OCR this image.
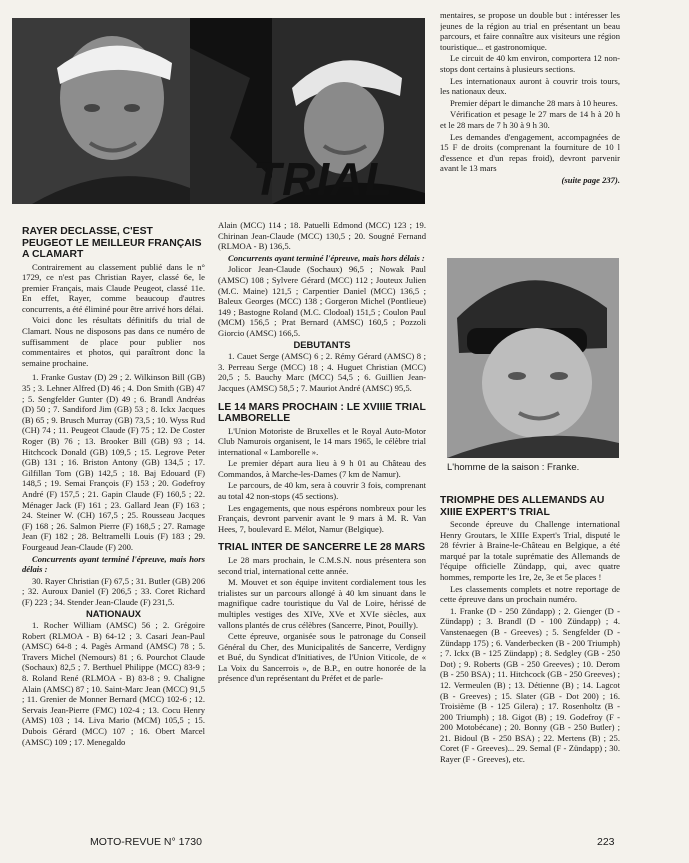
TRIAL

RAYER DECLASSE, C'EST PEUGEOT LE MEILLEUR FRANÇAIS A CLAMART

Contrairement au classement publié dans le n° 1729, ce n'est pas Christian Rayer, classé 6e, le premier Français, mais Claude Peugeot, classé 11e. En effet, Rayer, comme beaucoup d'autres concurrents, a été éliminé pour être arrivé hors délai.

Voici donc les résultats définitifs du trial de Clamart. Nous ne disposons pas dans ce numéro de suffisamment de place pour publier nos commentaires et photos, qui paraîtront donc la semaine prochaine.

1. Franke Gustav (D) 29 ; 2. Wilkinson Bill (GB) 35 ; 3. Lehner Alfred (D) 46 ; 4. Don Smith (GB) 47 ; 5. Sengfelder Gunter (D) 49 ; 6. Brandl Andréas (D) 50 ; 7. Sandiford Jim (GB) 53 ; 8. Ickx Jacques (B) 65 ; 9. Brusch Murray (GB) 73,5 ; 10. Wyss Rud (CH) 74 ; 11. Peugeot Claude (F) 75 ; 12. De Coster Roger (B) 76 ; 13. Brooker Bill (GB) 93 ; 14. Hitchcock Donald (GB) 109,5 ; 15. Legrove Peter (GB) 131 ; 16. Briston Antony (GB) 134,5 ; 17. Gilfillan Tom (GB) 142,5 ; 18. Baj Edouard (F) 148,5 ; 19. Semai François (F) 153 ; 20. Godefroy André (F) 157,5 ; 21. Gapin Claude (F) 160,5 ; 22. Ménager Jack (F) 161 ; 23. Gallard Jean (F) 163 ; 24. Steiner W. (CH) 167,5 ; 25. Rousseau Jacques (F) 168 ; 26. Salmon Pierre (F) 168,5 ; 27. Ramage Jean (F) 182 ; 28. Beltramelli Louis (F) 183 ; 29. Fourgeaud Jean-Claude (F) 200.

Concurrents ayant terminé l'épreuve, mais hors délais :

30. Rayer Christian (F) 67,5 ; 31. Butler (GB) 206 ; 32. Auroux Daniel (F) 206,5 ; 33. Coret Richard (F) 223 ; 34. Stender Jean-Claude (F) 231,5.

NATIONAUX

1. Rocher William (AMSC) 56 ; 2. Grégoire Robert (RLMOA - B) 64-12 ; 3. Casari Jean-Paul (AMSC) 64-8 ; 4. Pagès Armand (AMSC) 78 ; 5. Travers Michel (Nemours) 81 ; 6. Pourchot Claude (Sochaux) 82,5 ; 7. Berthuel Philippe (MCC) 83-9 ; 8. Roland René (RLMOA - B) 83-8 ; 9. Chaligne Alain (AMSC) 87 ; 10. Saint-Marc Jean (MCC) 91,5 ; 11. Grenier de Monner Bernard (MCC) 102-6 ; 12. Servais Jean-Pierre (FMC) 102-4 ; 13. Cocu Henry (AMS) 103 ; 14. Liva Mario (MCM) 105,5 ; 15. Dubois Gérard (MCC) 107 ; 16. Obert Marcel (AMSC) 109 ; 17. Menegaldo

Alain (MCC) 114 ; 18. Patuelli Edmond (MCC) 123 ; 19. Chirinan Jean-Claude (MCC) 130,5 ; 20. Sougné Fernand (RLMOA - B) 136,5.

Concurrents ayant terminé l'épreuve, mais hors délais :

Jolicor Jean-Claude (Sochaux) 96,5 ; Nowak Paul (AMSC) 108 ; Sylvere Gérard (MCC) 112 ; Jouteux Julien (M.C. Maine) 121,5 ; Carpentier Daniel (MCC) 136,5 ; Baleux Georges (MCC) 138 ; Gorgeron Michel (Pontlieue) 149 ; Bastogne Roland (M.C. Clodoal) 151,5 ; Coulon Paul (MCM) 156,5 ; Prat Bernard (AMSC) 160,5 ; Pozzoli Giorcio (AMSC) 166,5.

DEBUTANTS

1. Cauet Serge (AMSC) 6 ; 2. Rémy Gérard (AMSC) 8 ; 3. Perreau Serge (MCC) 18 ; 4. Huguet Christian (MCC) 20,5 ; 5. Bauchy Marc (MCC) 54,5 ; 6. Guillien Jean-Jacques (AMSC) 58,5 ; 7. Mauriot André (AMSC) 95,5.

LE 14 MARS PROCHAIN : LE XVIIIE TRIAL LAMBORELLE

L'Union Motoriste de Bruxelles et le Royal Auto-Motor Club Namurois organisent, le 14 mars 1965, le célèbre trial international « Lamborelle ».

Le premier départ aura lieu à 9 h 01 au Château des Commandos, à Marche-les-Dames (7 km de Namur).

Le parcours, de 40 km, sera à couvrir 3 fois, comprenant au total 42 non-stops (45 sections).

Les engagements, que nous espérons nombreux pour les Français, devront parvenir avant le 9 mars à M. R. Van Hees, 7, boulevard E. Mélot, Namur (Belgique).

TRIAL INTER DE SANCERRE LE 28 MARS

Le 28 mars prochain, le C.M.S.N. nous présentera son second trial, international cette année.

M. Mouvet et son équipe invitent cordialement tous les trialistes sur un parcours allongé à 40 km sinuant dans le magnifique cadre touristique du Val de Loire, hérissé de multiples vestiges des XIVe, XVe et XVIe siècles, aux vallons plantés de crus célèbres (Sancerre, Pinot, Pouilly).

Cette épreuve, organisée sous le patronage du Conseil Général du Cher, des Municipalités de Sancerre, Verdigny et Bué, du Syndicat d'Initiatives, de l'Union Viticole, de « La Voix du Sancerrois », de B.P., en outre honorée de la présence d'un représentant du Préfet et de parle-

mentaires, se propose un double but : intéresser les jeunes de la région au trial en présentant un beau parcours, et faire connaître aux visiteurs une région touristique... et gastronomique.

Le circuit de 40 km environ, comportera 12 non-stops dont certains à plusieurs sections.

Les internationaux auront à couvrir trois tours, les nationaux deux.

Premier départ le dimanche 28 mars à 10 heures.

Vérification et pesage le 27 mars de 14 h à 20 h et le 28 mars de 7 h 30 à 9 h 30.

Les demandes d'engagement, accompagnées de 15 F de droits (comprenant la fourniture de 10 l d'essence et d'un repas froid), devront parvenir avant le 13 mars

(suite page 237).

L'homme de la saison : Franke.

TRIOMPHE DES ALLEMANDS AU XIIIE EXPERT'S TRIAL

Seconde épreuve du Challenge international Henry Groutars, le XIIIe Expert's Trial, disputé le 28 février à Braine-le-Château en Belgique, a été marqué par la totale suprématie des Allemands de l'équipe officielle Zündapp, qui, avec quatre hommes, remporte les 1re, 2e, 3e et 5e places !

Les classements complets et notre reportage de cette épreuve dans un prochain numéro.

1. Franke (D - 250 Zündapp) ; 2. Gienger (D - Zündapp) ; 3. Brandl (D - 100 Zündapp) ; 4. Vanstenaegen (B - Greeves) ; 5. Sengfelder (D - Zündapp 175) ; 6. Vanderbecken (B - 200 Triumph) ; 7. Ickx (B - 125 Zündapp) ; 8. Sedgley (GB - 250 Dot) ; 9. Roberts (GB - 250 Greeves) ; 10. Derom (B - 250 BSA) ; 11. Hitchcock (GB - 250 Greeves) ; 12. Vermeulen (B) ; 13. Détienne (B) ; 14. Lagcot (B - Greeves) ; 15. Slater (GB - Dot 200) ; 16. Troisième (B - 125 Gilera) ; 17. Rosenholtz (B - 200 Triumph) ; 18. Gigot (B) ; 19. Godefroy (F - 200 Motobécane) ; 20. Bonny (GB - 250 Butler) ; 21. Bidoul (B - 250 BSA) ; 22. Mertens (B) ; 25. Coret (F - Greeves)... 29. Semal (F - Zündapp) ; 30. Rayer (F - Greeves), etc.

MOTO-REVUE N° 1730	223
